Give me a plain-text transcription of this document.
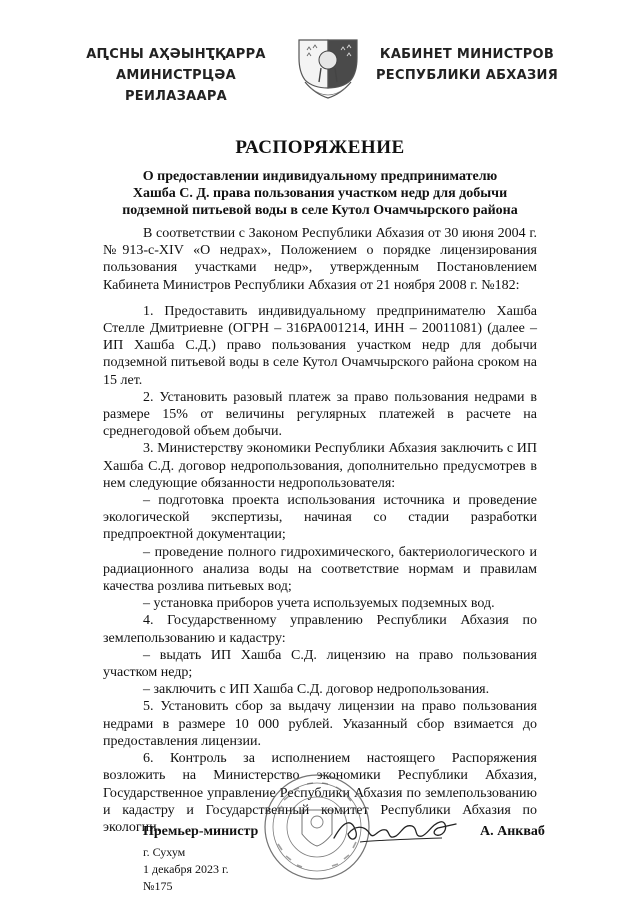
АԤСНЫ АҲӘЫНҬҚАРРА
АМИНИСТРЦӘА РЕИЛАЗААРА
КАБИНЕТ МИНИСТРОВ
РЕСПУБЛИКИ АБХАЗИЯ
РАСПОРЯЖЕНИЕ
О предоставлении индивидуальному предпринимателю
Хашба С. Д. права пользования участком недр для добычи
подземной питьевой воды в селе Кутол Очамчырского района

В соответствии с Законом Республики Абхазия от 30 июня 2004 г. №913-с-XIV «О недрах», Положением о порядке лицензирования пользования участками недр», утвержденным Постановлением Кабинета Министров Республики Абхазия от 21 ноября 2008 г. №182:

1. Предоставить индивидуальному предпринимателю Хашба Стелле Дмитриевне (ОГРН – 316РА001214, ИНН – 20011081) (далее – ИП Хашба С.Д.) право пользования участком недр для добычи подземной питьевой воды в селе Кутол Очамчырского района сроком на 15 лет.

2. Установить разовый платеж за право пользования недрами в размере 15% от величины регулярных платежей в расчете на среднегодовой объем добычи.

3. Министерству экономики Республики Абхазия заключить с ИП Хашба С.Д. договор недропользования, дополнительно предусмотрев в нем следующие обязанности недропользователя:

– подготовка проекта использования источника и проведение экологической экспертизы, начиная со стадии разработки предпроектной документации;

– проведение полного гидрохимического, бактериологического и радиационного анализа воды на соответствие нормам и правилам качества розлива питьевых вод;

– установка приборов учета используемых подземных вод.

4. Государственному управлению Республики Абхазия по землепользованию и кадастру:

– выдать ИП Хашба С.Д. лицензию на право пользования участком недр;

– заключить с ИП Хашба С.Д. договор недропользования.

5. Установить сбор за выдачу лицензии на право пользования недрами в размере 10 000 рублей. Указанный сбор взимается до предоставления лицензии.

6. Контроль за исполнением настоящего Распоряжения возложить на Министерство экономики Республики Абхазия, Государственное управление Республики Абхазия по землепользованию и кадастру и Государственный комитет Республики Абхазия по экологии.

Премьер-министр	А. Анкваб
г. Сухум
1 декабря 2023 г.
№175
